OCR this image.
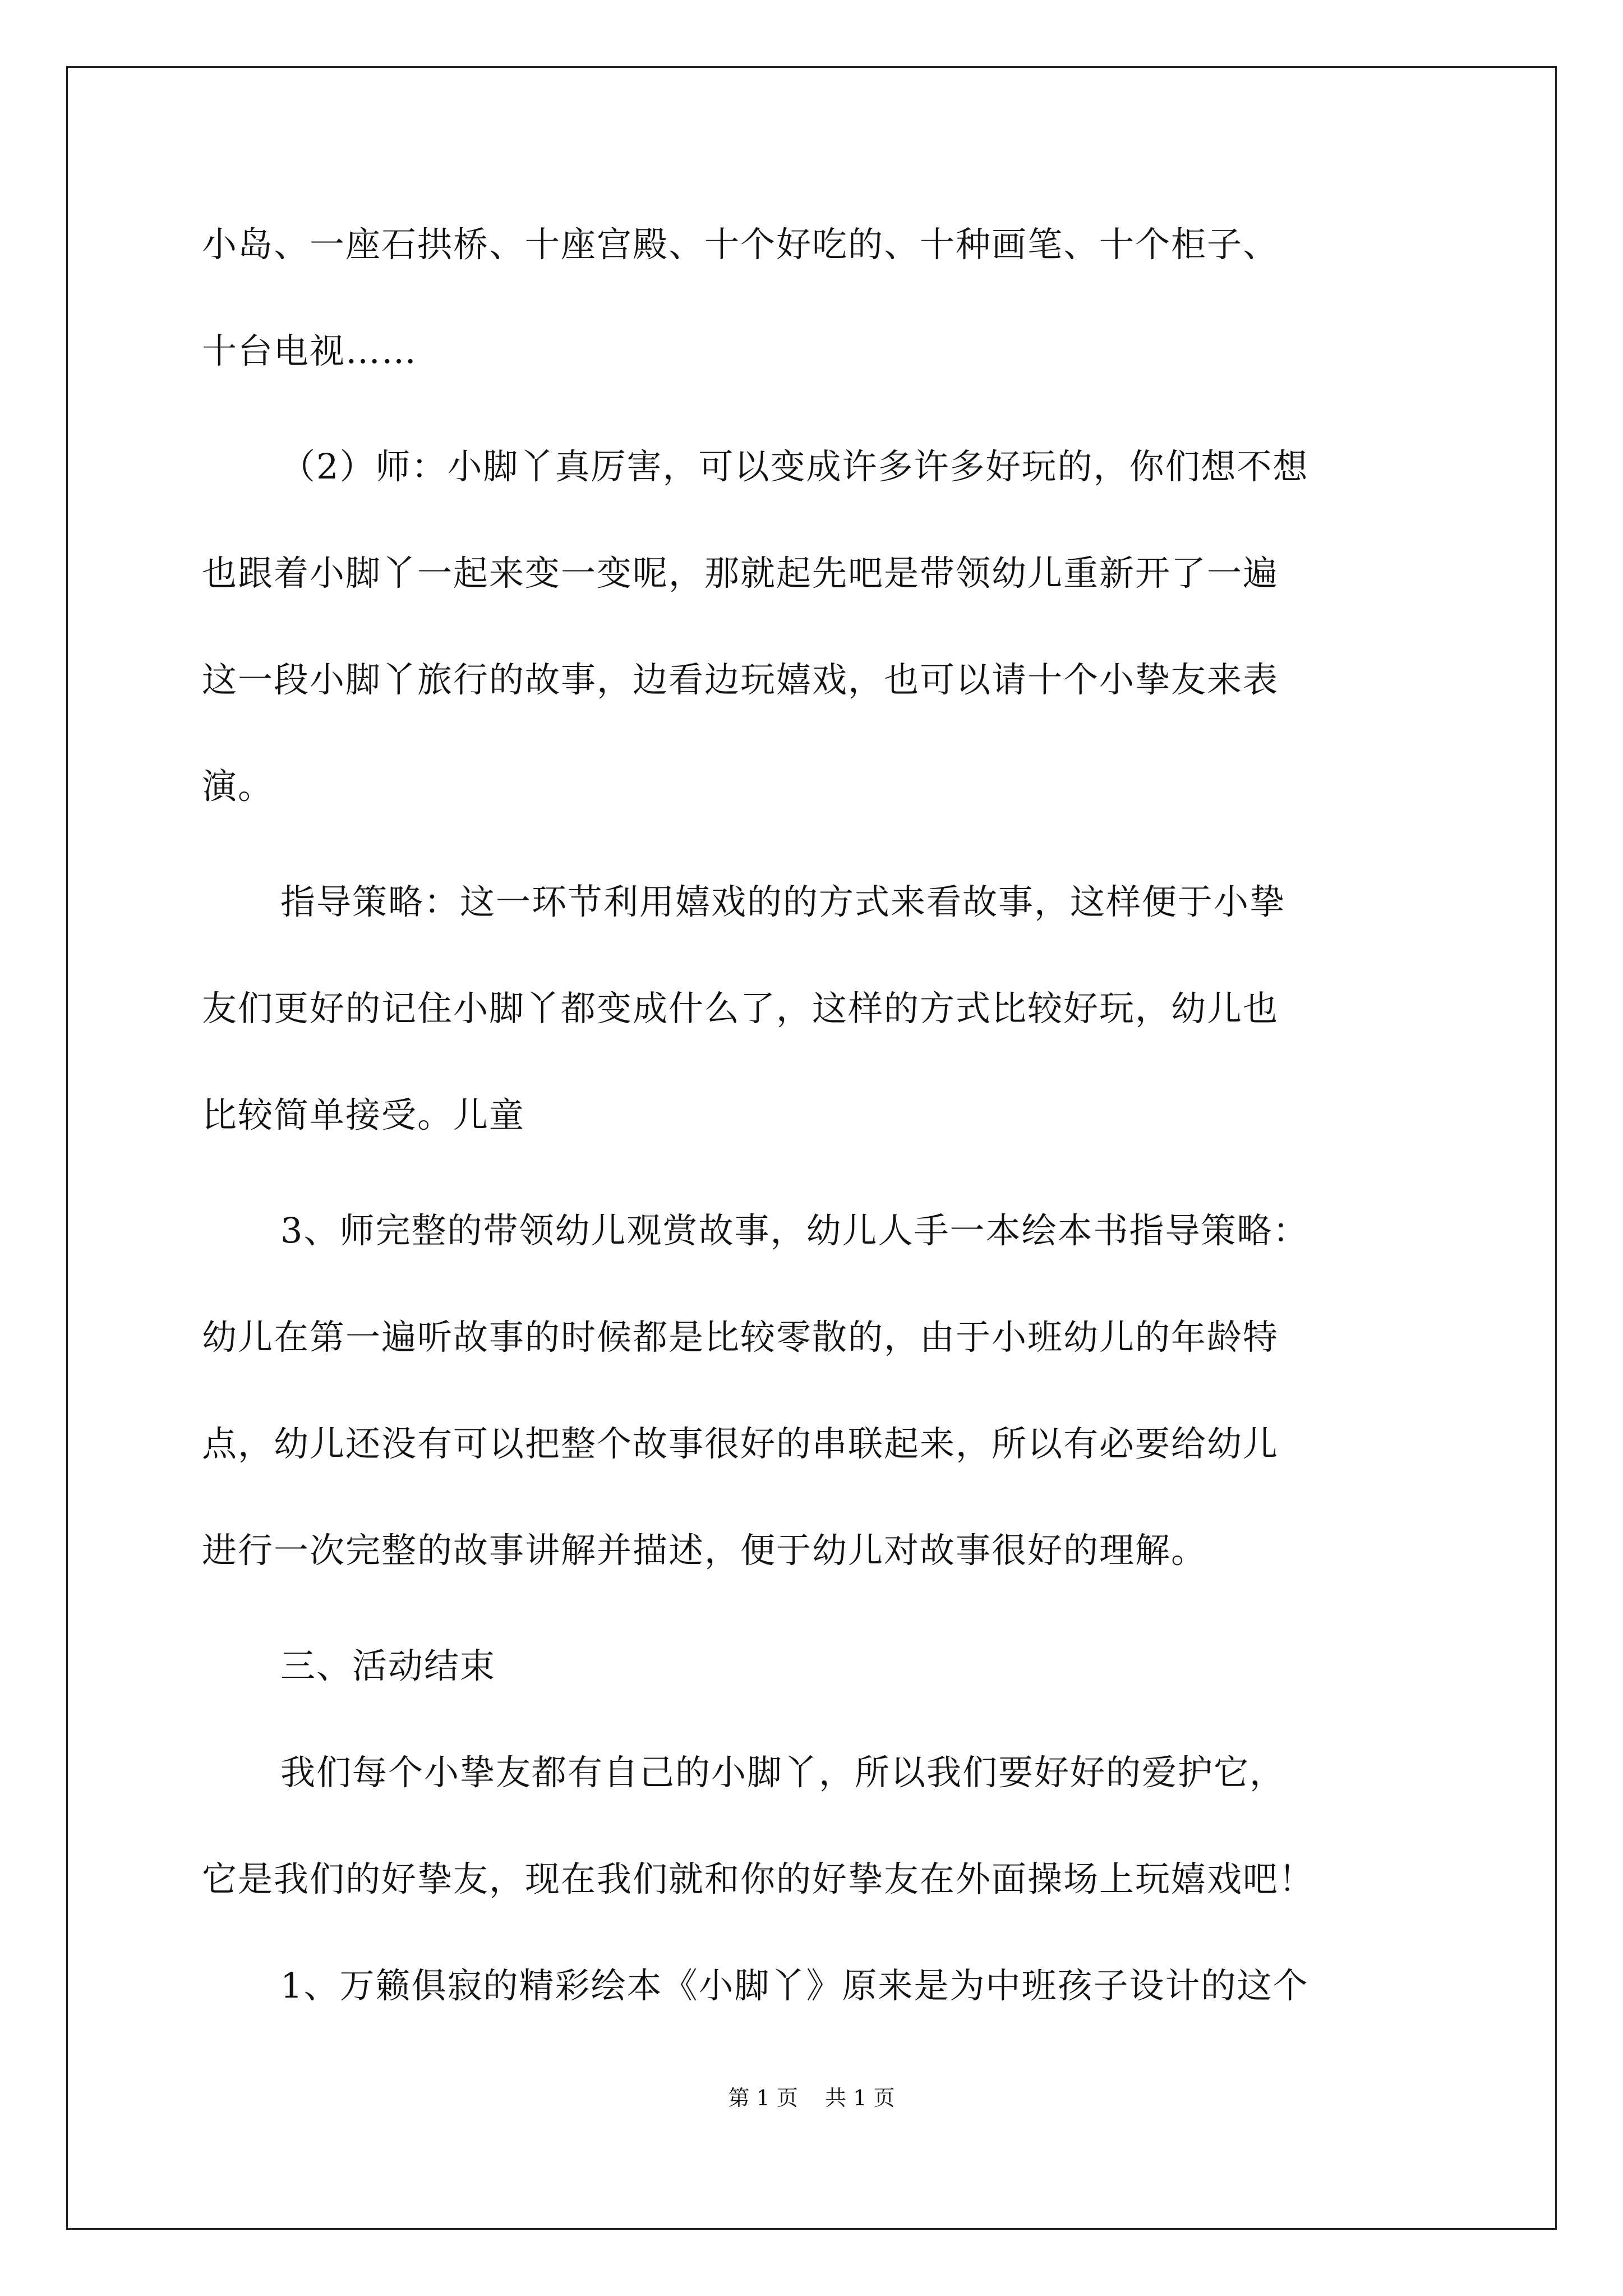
小岛、一座石拱桥、十座宫殿、十个好吃的、十种画笔、十个柜子、
十台电视……
（2）师：小脚丫真厉害，可以变成许多许多好玩的，你们想不想
也跟着小脚丫一起来变一变呢，那就起先吧是带领幼儿重新开了一遍
这一段小脚丫旅行的故事，边看边玩嬉戏，也可以请十个小挚友来表
演。
指导策略：这一环节利用嬉戏的的方式来看故事，这样便于小挚
友们更好的记住小脚丫都变成什么了，这样的方式比较好玩，幼儿也
比较简单接受。儿童
3、师完整的带领幼儿观赏故事，幼儿人手一本绘本书指导策略：
幼儿在第一遍听故事的时候都是比较零散的，由于小班幼儿的年龄特
点，幼儿还没有可以把整个故事很好的串联起来，所以有必要给幼儿
进行一次完整的故事讲解并描述，便于幼儿对故事很好的理解。
三、活动结束
我们每个小挚友都有自己的小脚丫，所以我们要好好的爱护它，
它是我们的好挚友，现在我们就和你的好挚友在外面操场上玩嬉戏吧！
1、万籁俱寂的精彩绘本《小脚丫》原来是为中班孩子设计的这个
第 1 页    共 1 页
